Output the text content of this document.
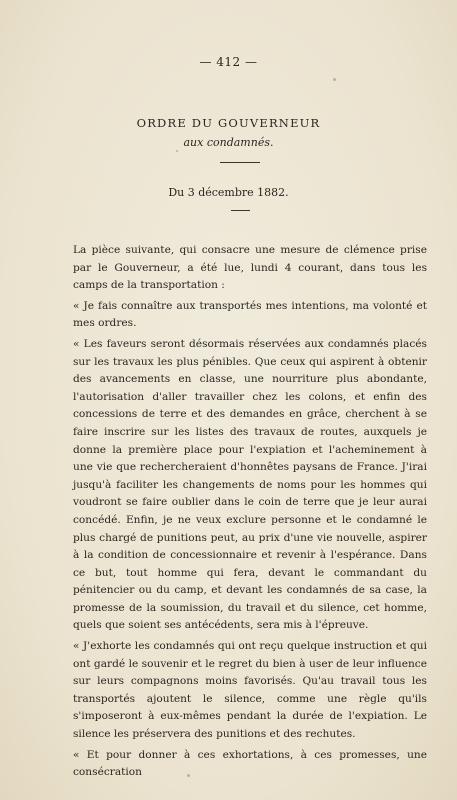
— 412 —
ORDRE DU GOUVERNEUR
aux condamnés.
Du 3 décembre 1882.

La pièce suivante, qui consacre une mesure de clémence prise par le Gouverneur, a été lue, lundi 4 courant, dans tous les camps de la transportation :

« Je fais connaître aux transportés mes intentions, ma volonté et mes ordres.

« Les faveurs seront désormais réservées aux condamnés placés sur les travaux les plus pénibles. Que ceux qui aspirent à obtenir des avancements en classe, une nourriture plus abondante, l'autorisation d'aller travailler chez les colons, et enfin des concessions de terre et des demandes en grâce, cherchent à se faire inscrire sur les listes des travaux de routes, auxquels je donne la première place pour l'expiation et l'acheminement à une vie que rechercheraient d'honnêtes paysans de France. J'irai jusqu'à faciliter les changements de noms pour les hommes qui voudront se faire oublier dans le coin de terre que je leur aurai concédé. Enfin, je ne veux exclure personne et le condamné le plus chargé de punitions peut, au prix d'une vie nouvelle, aspirer à la condition de concessionnaire et revenir à l'espérance. Dans ce but, tout homme qui fera, devant le commandant du pénitencier ou du camp, et devant les condamnés de sa case, la promesse de la soumission, du travail et du silence, cet homme, quels que soient ses antécédents, sera mis à l'épreuve.

« J'exhorte les condamnés qui ont reçu quelque instruction et qui ont gardé le souvenir et le regret du bien à user de leur influence sur leurs compagnons moins favorisés. Qu'au travail tous les transportés ajoutent le silence, comme une règle qu'ils s'imposeront à eux-mêmes pendant la durée de l'expiation. Le silence les préservera des punitions et des rechutes.

« Et pour donner à ces exhortations, à ces promesses, une consécration
